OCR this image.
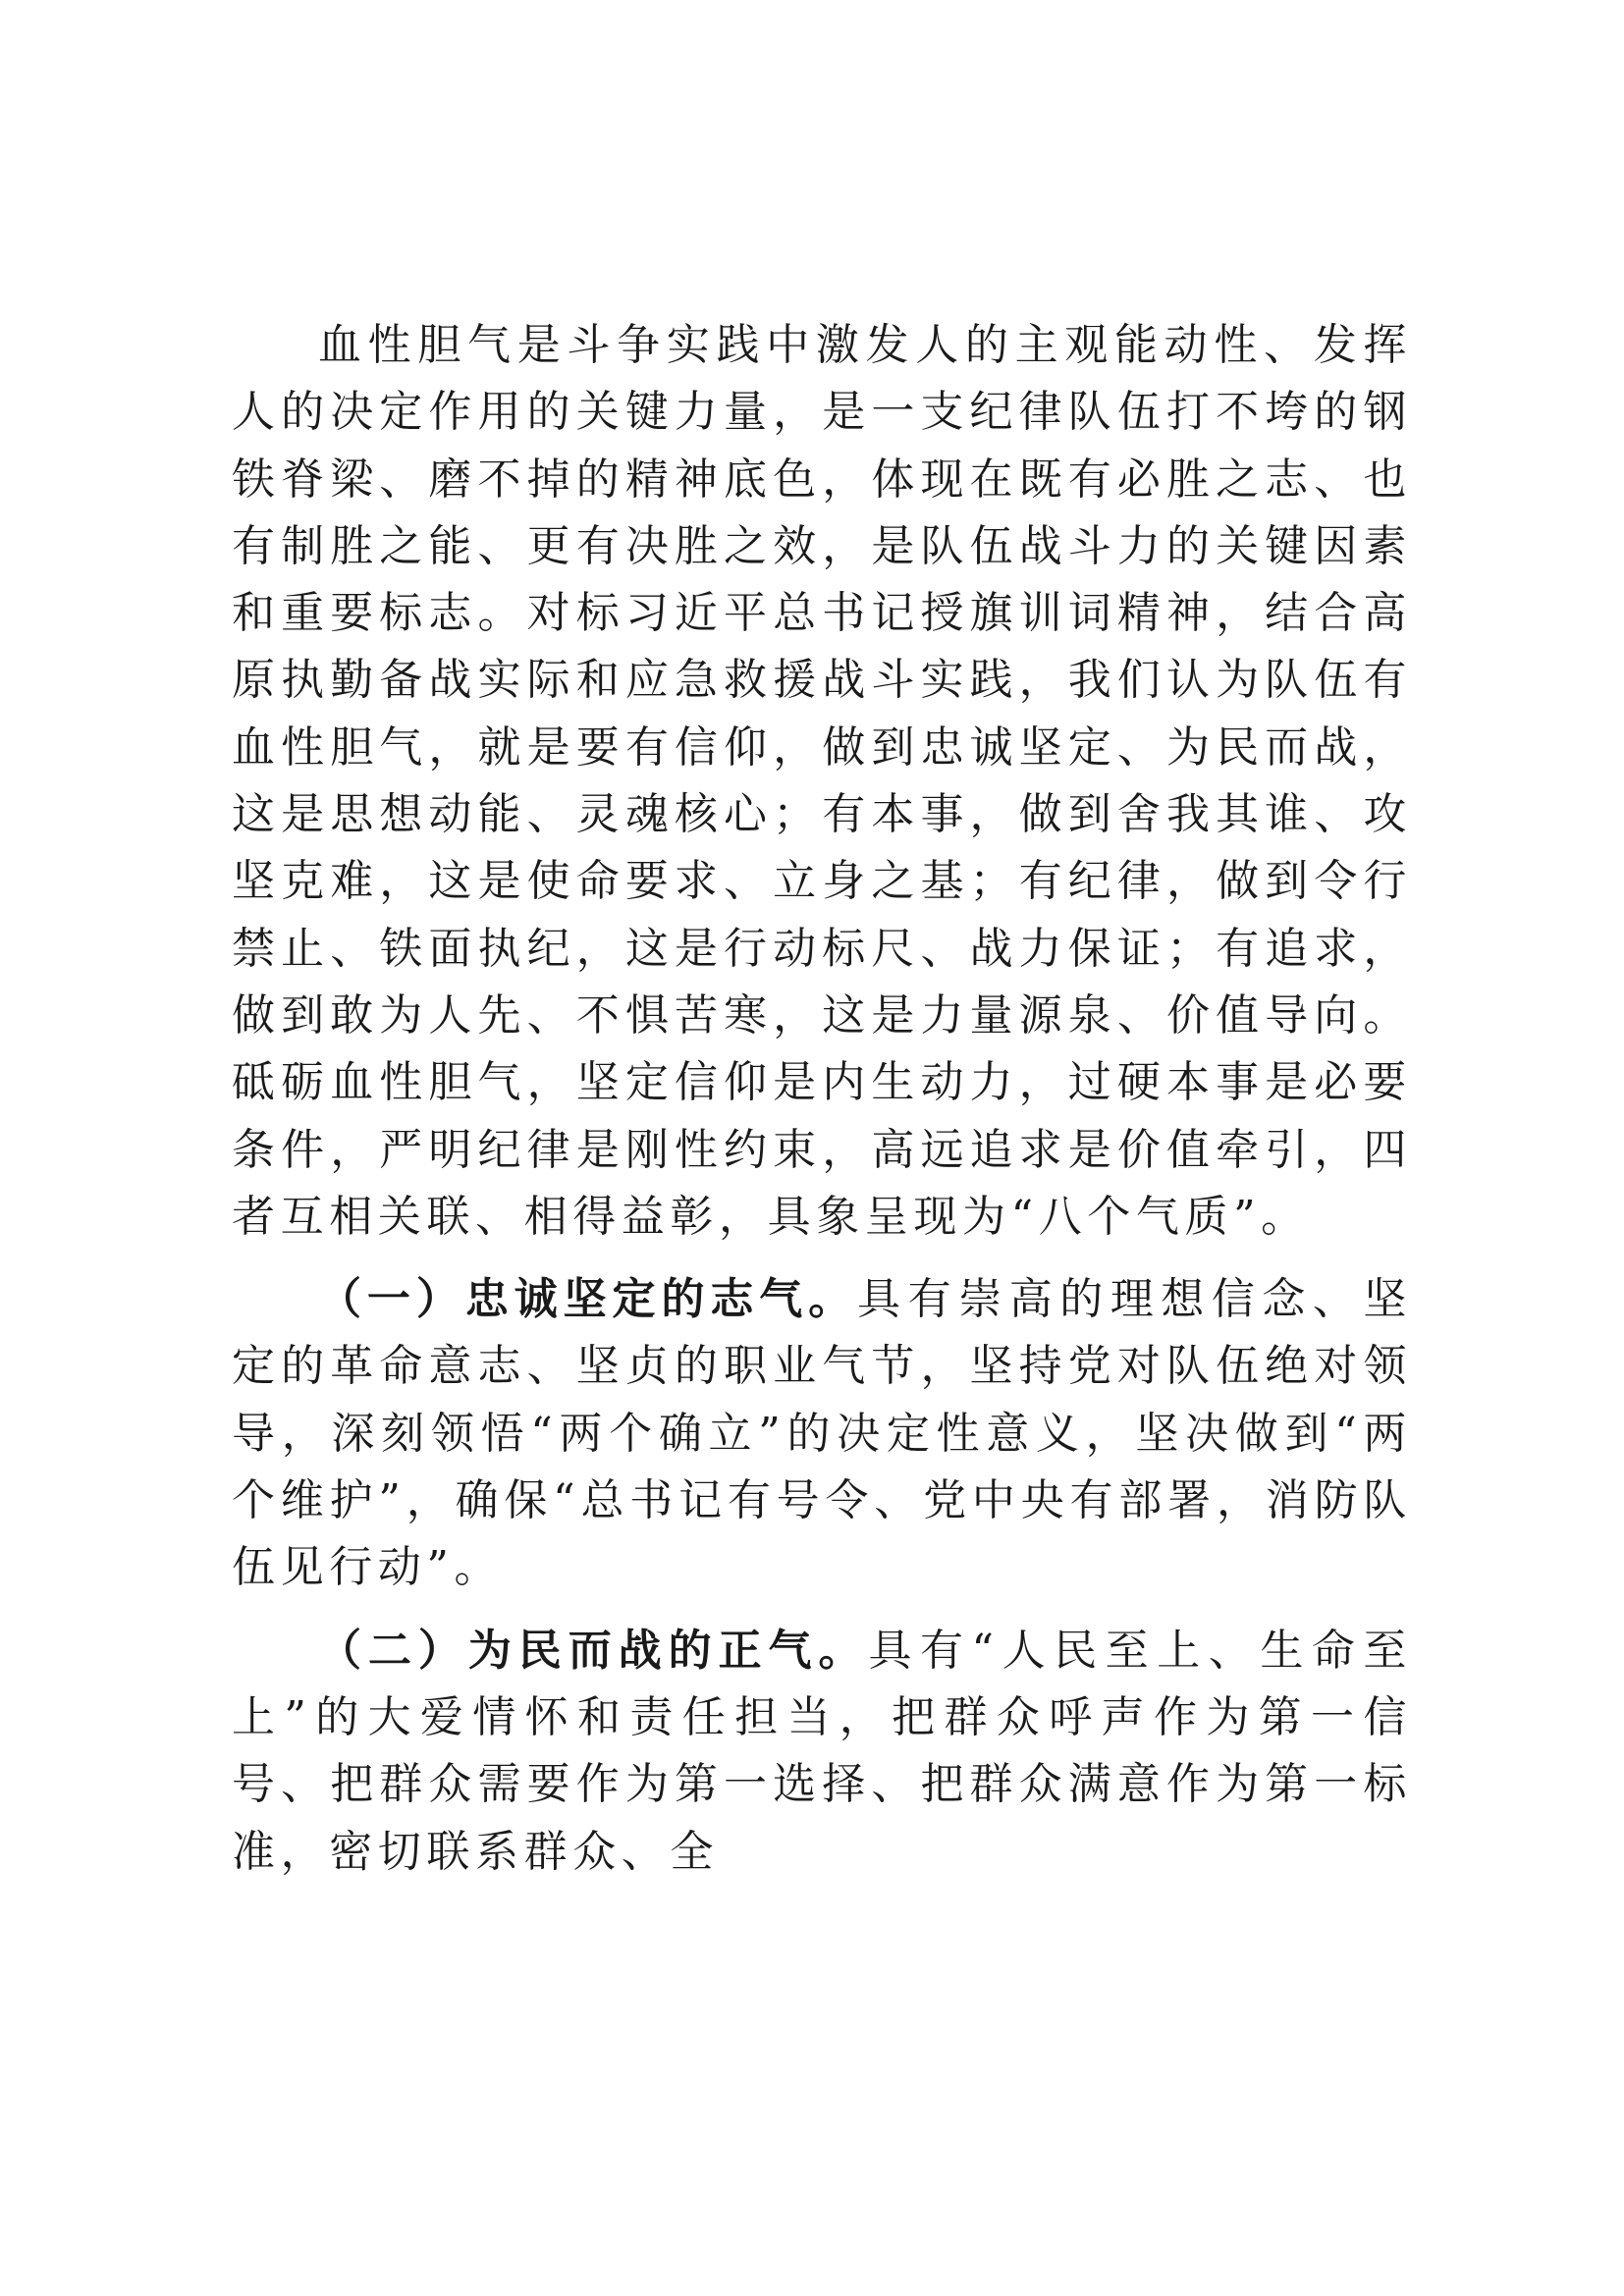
血性胆气是斗争实践中激发人的主观能动性、发挥人的决定作用的关键力量，是一支纪律队伍打不垮的钢铁脊梁、磨不掉的精神底色，体现在既有必胜之志、也有制胜之能、更有决胜之效，是队伍战斗力的关键因素和重要标志。对标习近平总书记授旗训词精神，结合高原执勤备战实际和应急救援战斗实践，我们认为队伍有血性胆气，就是要有信仰，做到忠诚坚定、为民而战，这是思想动能、灵魂核心；有本事，做到舍我其谁、攻坚克难，这是使命要求、立身之基；有纪律，做到令行禁止、铁面执纪，这是行动标尺、战力保证；有追求，做到敢为人先、不惧苦寒，这是力量源泉、价值导向。砥砺血性胆气，坚定信仰是内生动力，过硬本事是必要条件，严明纪律是刚性约束，高远追求是价值牵引，四者互相关联、相得益彰，具象呈现为“八个气质”。

（一）忠诚坚定的志气。具有崇高的理想信念、坚定的革命意志、坚贞的职业气节，坚持党对队伍绝对领导，深刻领悟“两个确立”的决定性意义，坚决做到“两个维护”，确保“总书记有号令、党中央有部署，消防队伍见行动”。

（二）为民而战的正气。具有“人民至上、生命至上”的大爱情怀和责任担当，把群众呼声作为第一信号、把群众需要作为第一选择、把群众满意作为第一标准，密切联系群众、全
